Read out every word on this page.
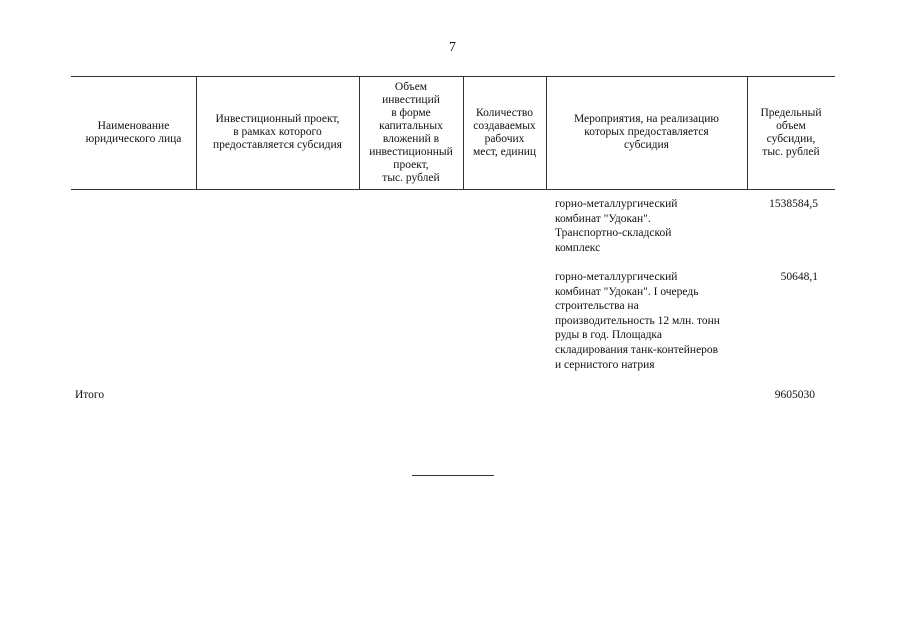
7
Наименование
юридического лица
Инвестиционный проект,
в рамках которого
предоставляется субсидия
Объем
инвестиций
в форме
капитальных
вложений в
инвестиционный
проект,
тыс. рублей
Количество
создаваемых
рабочих
мест, единиц
Мероприятия, на реализацию
которых предоставляется
субсидия
Предельный
объем
субсидии,
тыс. рублей
горно-металлургический
комбинат "Удокан".
Транспортно-складской
комплекс
1538584,5
горно-металлургический
комбинат "Удокан". I очередь
строительства на
производительность 12 млн. тонн
руды в год. Площадка
складирования танк-контейнеров
и сернистого натрия
50648,1
Итого	9605030
